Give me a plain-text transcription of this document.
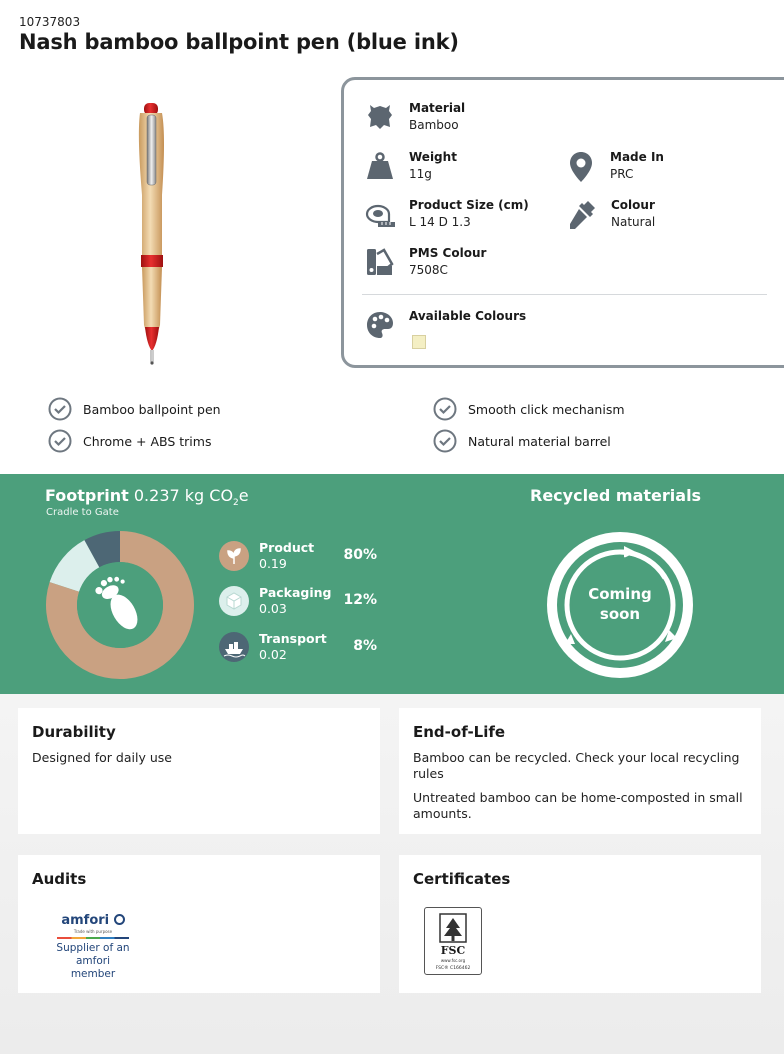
10737803
Nash bamboo ballpoint pen (blue ink)
Material
Bamboo
Weight
11g
Made In
PRC
Product Size (cm)
L 14 D 1.3
Colour
Natural
PMS Colour
7508C
Available Colours
Bamboo ballpoint pen	Smooth click mechanism
Chrome + ABS trims	Natural material barrel
Footprint 0.237 kg $CO_2e$
Cradle to Gate
Product
0.19
80%
Packaging
0.03
12%
Transport
0.02
8%
Recycled materials
Coming
soon
Durability

Designed for daily use

End-of-Life

Bamboo can be recycled. Check your local recycling rules

Untreated bamboo can be home-composted in small amounts.

Audits
amfori
Trade with purpose
Supplier of an amfori member
Certificates
FSC
www.fsc.org
FSC® C166462
